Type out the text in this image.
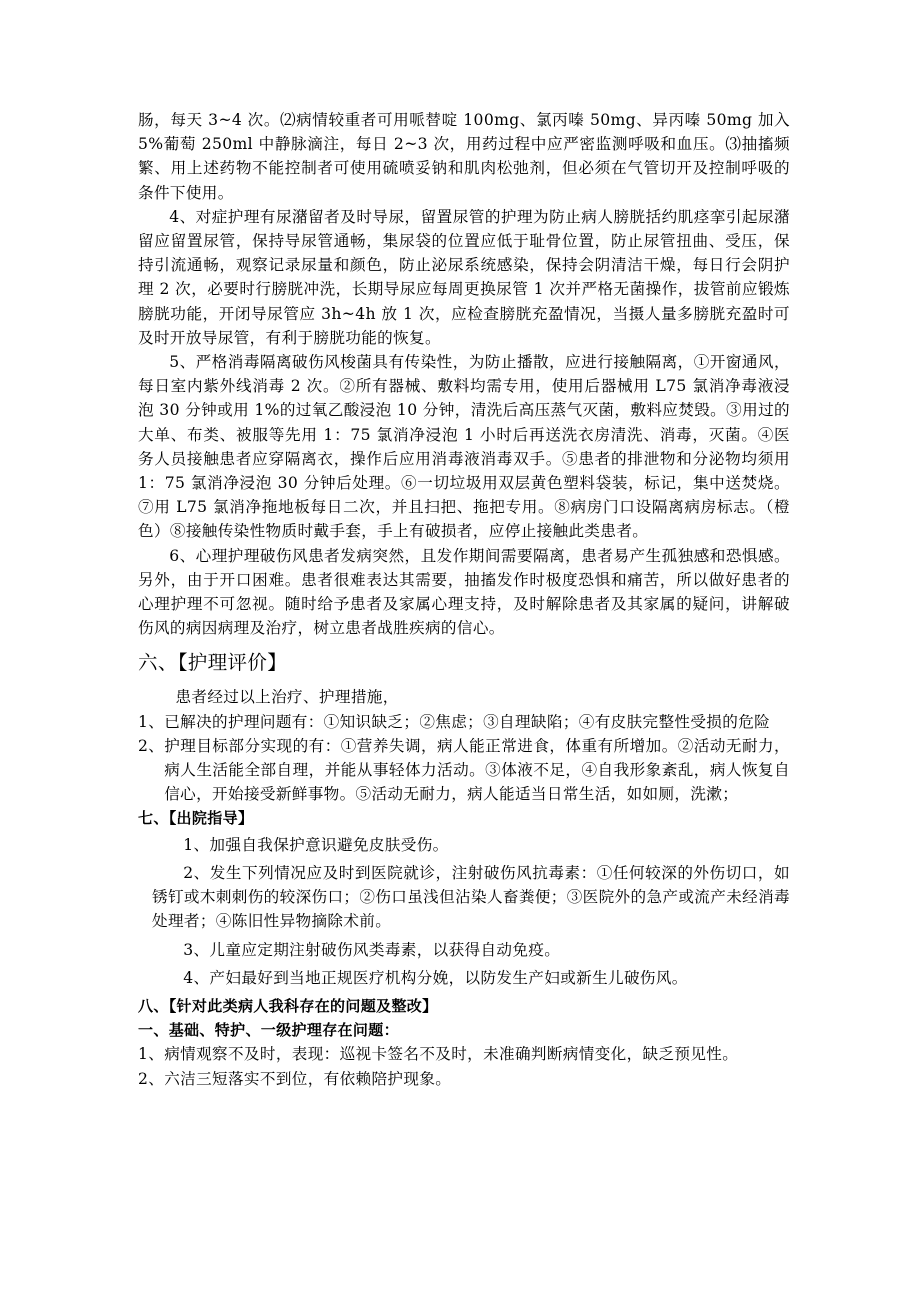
肠，每天 3~4 次。⑵病情较重者可用哌替啶 100mg、氯丙嗪 50mg、异丙嗪 50mg 加入 5%葡萄 250ml 中静脉滴注，每日 2~3 次，用药过程中应严密监测呼吸和血压。⑶抽搐频繁、用上述药物不能控制者可使用硫喷妥钠和肌肉松弛剂，但必须在气管切开及控制呼吸的条件下使用。

4、对症护理有尿潴留者及时导尿，留置尿管的护理为防止病人膀胱括约肌痉挛引起尿潴留应留置尿管，保持导尿管通畅，集尿袋的位置应低于耻骨位置，防止尿管扭曲、受压，保持引流通畅，观察记录尿量和颜色，防止泌尿系统感染，保持会阴清洁干燥，每日行会阴护理 2 次，必要时行膀胱冲洗，长期导尿应每周更换尿管 1 次并严格无菌操作，拔管前应锻炼膀胱功能，开闭导尿管应 3h~4h 放 1 次，应检查膀胱充盈情况，当摄人量多膀胱充盈时可及时开放导尿管，有利于膀胱功能的恢复。

5、严格消毒隔离破伤风梭菌具有传染性，为防止播散，应进行接触隔离，①开窗通风，每日室内紫外线消毒 2 次。②所有器械、敷料均需专用，使用后器械用 L75 氯消净毒液浸泡 30 分钟或用 1%的过氧乙酸浸泡 10 分钟，清洗后高压蒸气灭菌，敷料应焚毁。③用过的大单、布类、被服等先用 1：75 氯消净浸泡 1 小时后再送洗衣房清洗、消毒，灭菌。④医务人员接触患者应穿隔离衣，操作后应用消毒液消毒双手。⑤患者的排泄物和分泌物均须用 1：75 氯消净浸泡 30 分钟后处理。⑥一切垃圾用双层黄色塑料袋装，标记，集中送焚烧。⑦用 L75 氯消净拖地板每日二次，并且扫把、拖把专用。⑧病房门口设隔离病房标志。（橙色）⑧接触传染性物质时戴手套，手上有破损者，应停止接触此类患者。

6、心理护理破伤风患者发病突然，且发作期间需要隔离，患者易产生孤独感和恐惧感。另外，由于开口困难。患者很难表达其需要，抽搐发作时极度恐惧和痛苦，所以做好患者的心理护理不可忽视。随时给予患者及家属心理支持，及时解除患者及其家属的疑问，讲解破伤风的病因病理及治疗，树立患者战胜疾病的信心。

六、【护理评价】

患者经过以上治疗、护理措施，

1、 已解决的护理问题有：①知识缺乏；②焦虑；③自理缺陷；④有皮肤完整性受损的危险
2、 护理目标部分实现的有：①营养失调，病人能正常进食，体重有所增加。②活动无耐力，病人生活能全部自理，并能从事轻体力活动。③体液不足，④自我形象紊乱，病人恢复自信心，开始接受新鲜事物。⑤活动无耐力，病人能适当日常生活，如如厕，洗漱；
七、【出院指导】

1、加强自我保护意识避免皮肤受伤。

2、发生下列情况应及时到医院就诊，注射破伤风抗毒素：①任何较深的外伤切口，如锈钉或木刺刺伤的较深伤口；②伤口虽浅但沾染人畜粪便；③医院外的急产或流产未经消毒处理者；④陈旧性异物摘除术前。

3、儿童应定期注射破伤风类毒素，以获得自动免疫。

4、产妇最好到当地正规医疗机构分娩，以防发生产妇或新生儿破伤风。

八、【针对此类病人我科存在的问题及整改】
一、基础、特护、一级护理存在问题：

1、病情观察不及时，表现：巡视卡签名不及时，未准确判断病情变化，缺乏预见性。

2、六洁三短落实不到位，有依赖陪护现象。
